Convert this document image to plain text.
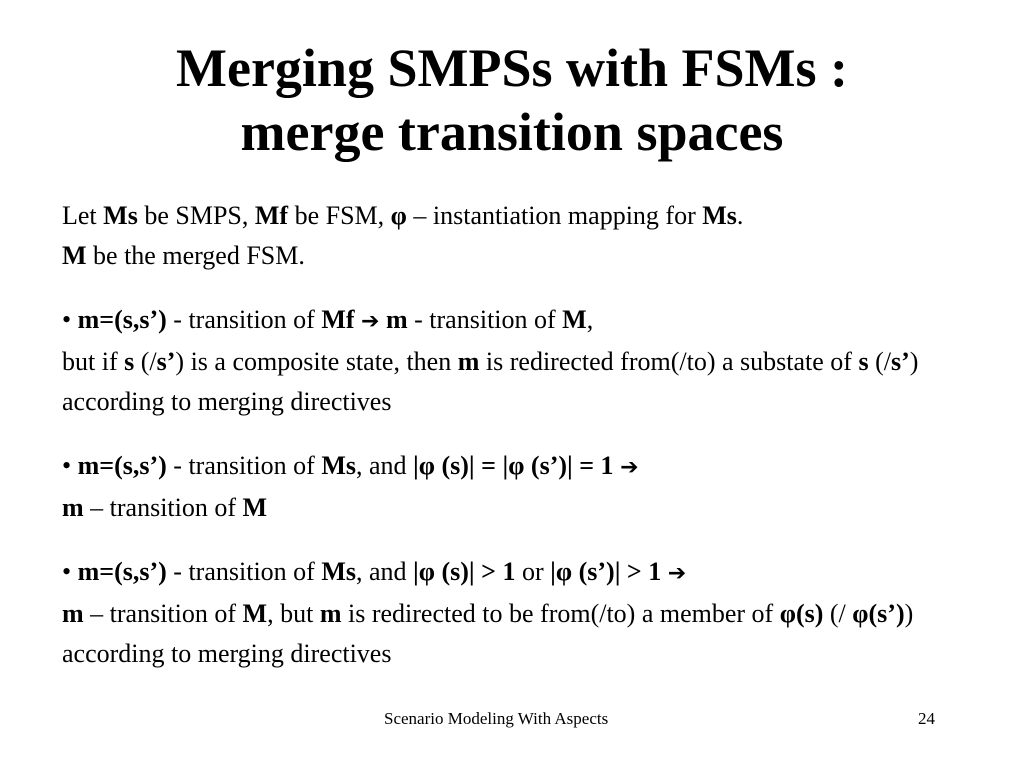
Merging SMPSs with FSMs :
merge transition spaces

Let Ms be SMPS, Mf be FSM, φ – instantiation mapping for Ms.
M be the merged FSM.

• m=(s,s’) - transition of Mf ➔ m - transition of M,
but if s (/s’) is a composite state, then m is redirected from(/to) a substate of s (/s’) according to merging directives

• m=(s,s’) - transition of Ms, and |φ (s)| = |φ (s’)| = 1 ➔
m – transition of M

• m=(s,s’) - transition of Ms, and |φ (s)| > 1 or |φ (s’)| > 1 ➔
m – transition of M, but m is redirected to be from(/to) a member of φ(s) (/ φ(s’)) according to merging directives

Scenario Modeling With Aspects	24
